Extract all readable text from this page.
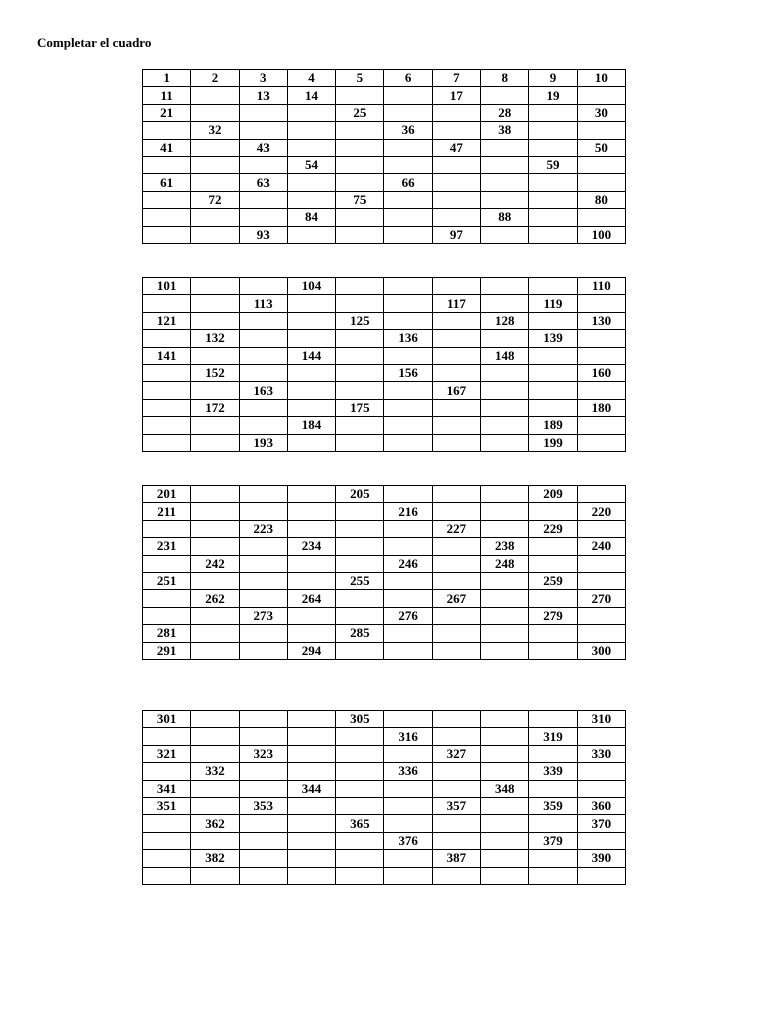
Completar el cuadro
1	2	3	4	5	6	7	8	9	10
11		13	14			17		19	
21				25			28		30
	32				36		38		
41		43				47			50
			54					59	
61		63			66				
	72			75					80
			84				88		
		93				97			100
101			104						110
		113				117		119	
121				125			128		130
	132				136			139	
141			144				148		
	152				156				160
		163				167			
	172			175					180
			184					189	
		193						199	
201				205				209	
211					216				220
		223				227		229	
231			234				238		240
	242				246		248		
251				255				259	
	262		264			267			270
		273			276			279	
281				285					
291			294						300
301				305					310
					316			319	
321		323				327			330
	332				336			339	
341			344				348		
351		353				357		359	360
	362			365					370
					376			379	
	382					387			390
